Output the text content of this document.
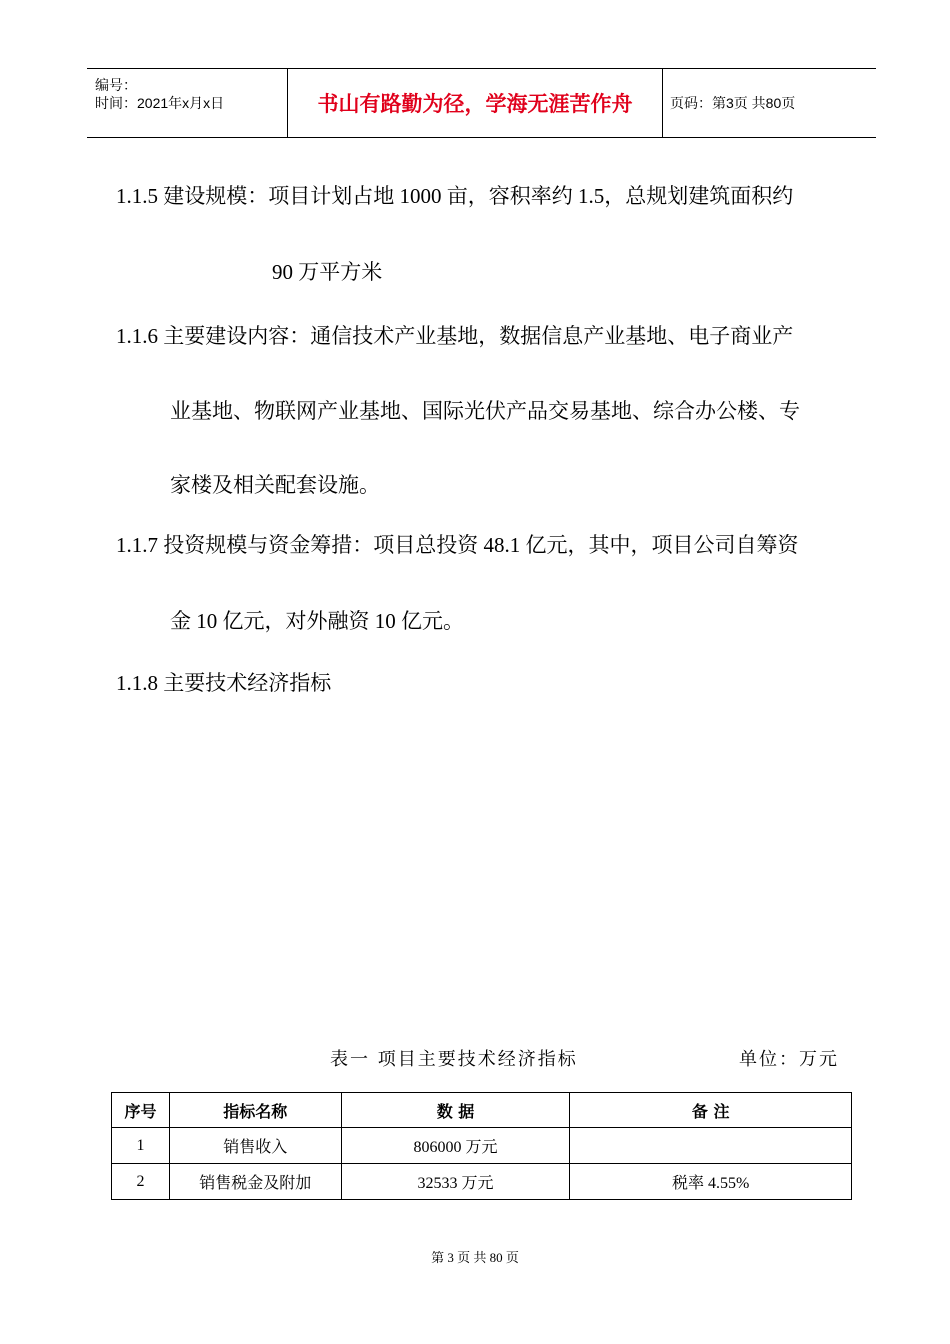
编号：
时间：2021年x月x日	书山有路勤为径，学海无涯苦作舟	页码：第3页 共80页
1.1.5 建设规模：项目计划占地 1000 亩，容积率约 1.5，总规划建筑面积约
90 万平方米
1.1.6 主要建设内容：通信技术产业基地，数据信息产业基地、电子商业产
业基地、物联网产业基地、国际光伏产品交易基地、综合办公楼、专
家楼及相关配套设施。
1.1.7 投资规模与资金筹措：项目总投资 48.1 亿元，其中，项目公司自筹资
金 10 亿元，对外融资 10 亿元。
1.1.8 主要技术经济指标
表一 项目主要技术经济指标	单位：万元
序号	指标名称	数 据	备 注
1	销售收入	806000 万元	
2	销售税金及附加	32533 万元	税率 4.55%
第 3 页 共 80 页
